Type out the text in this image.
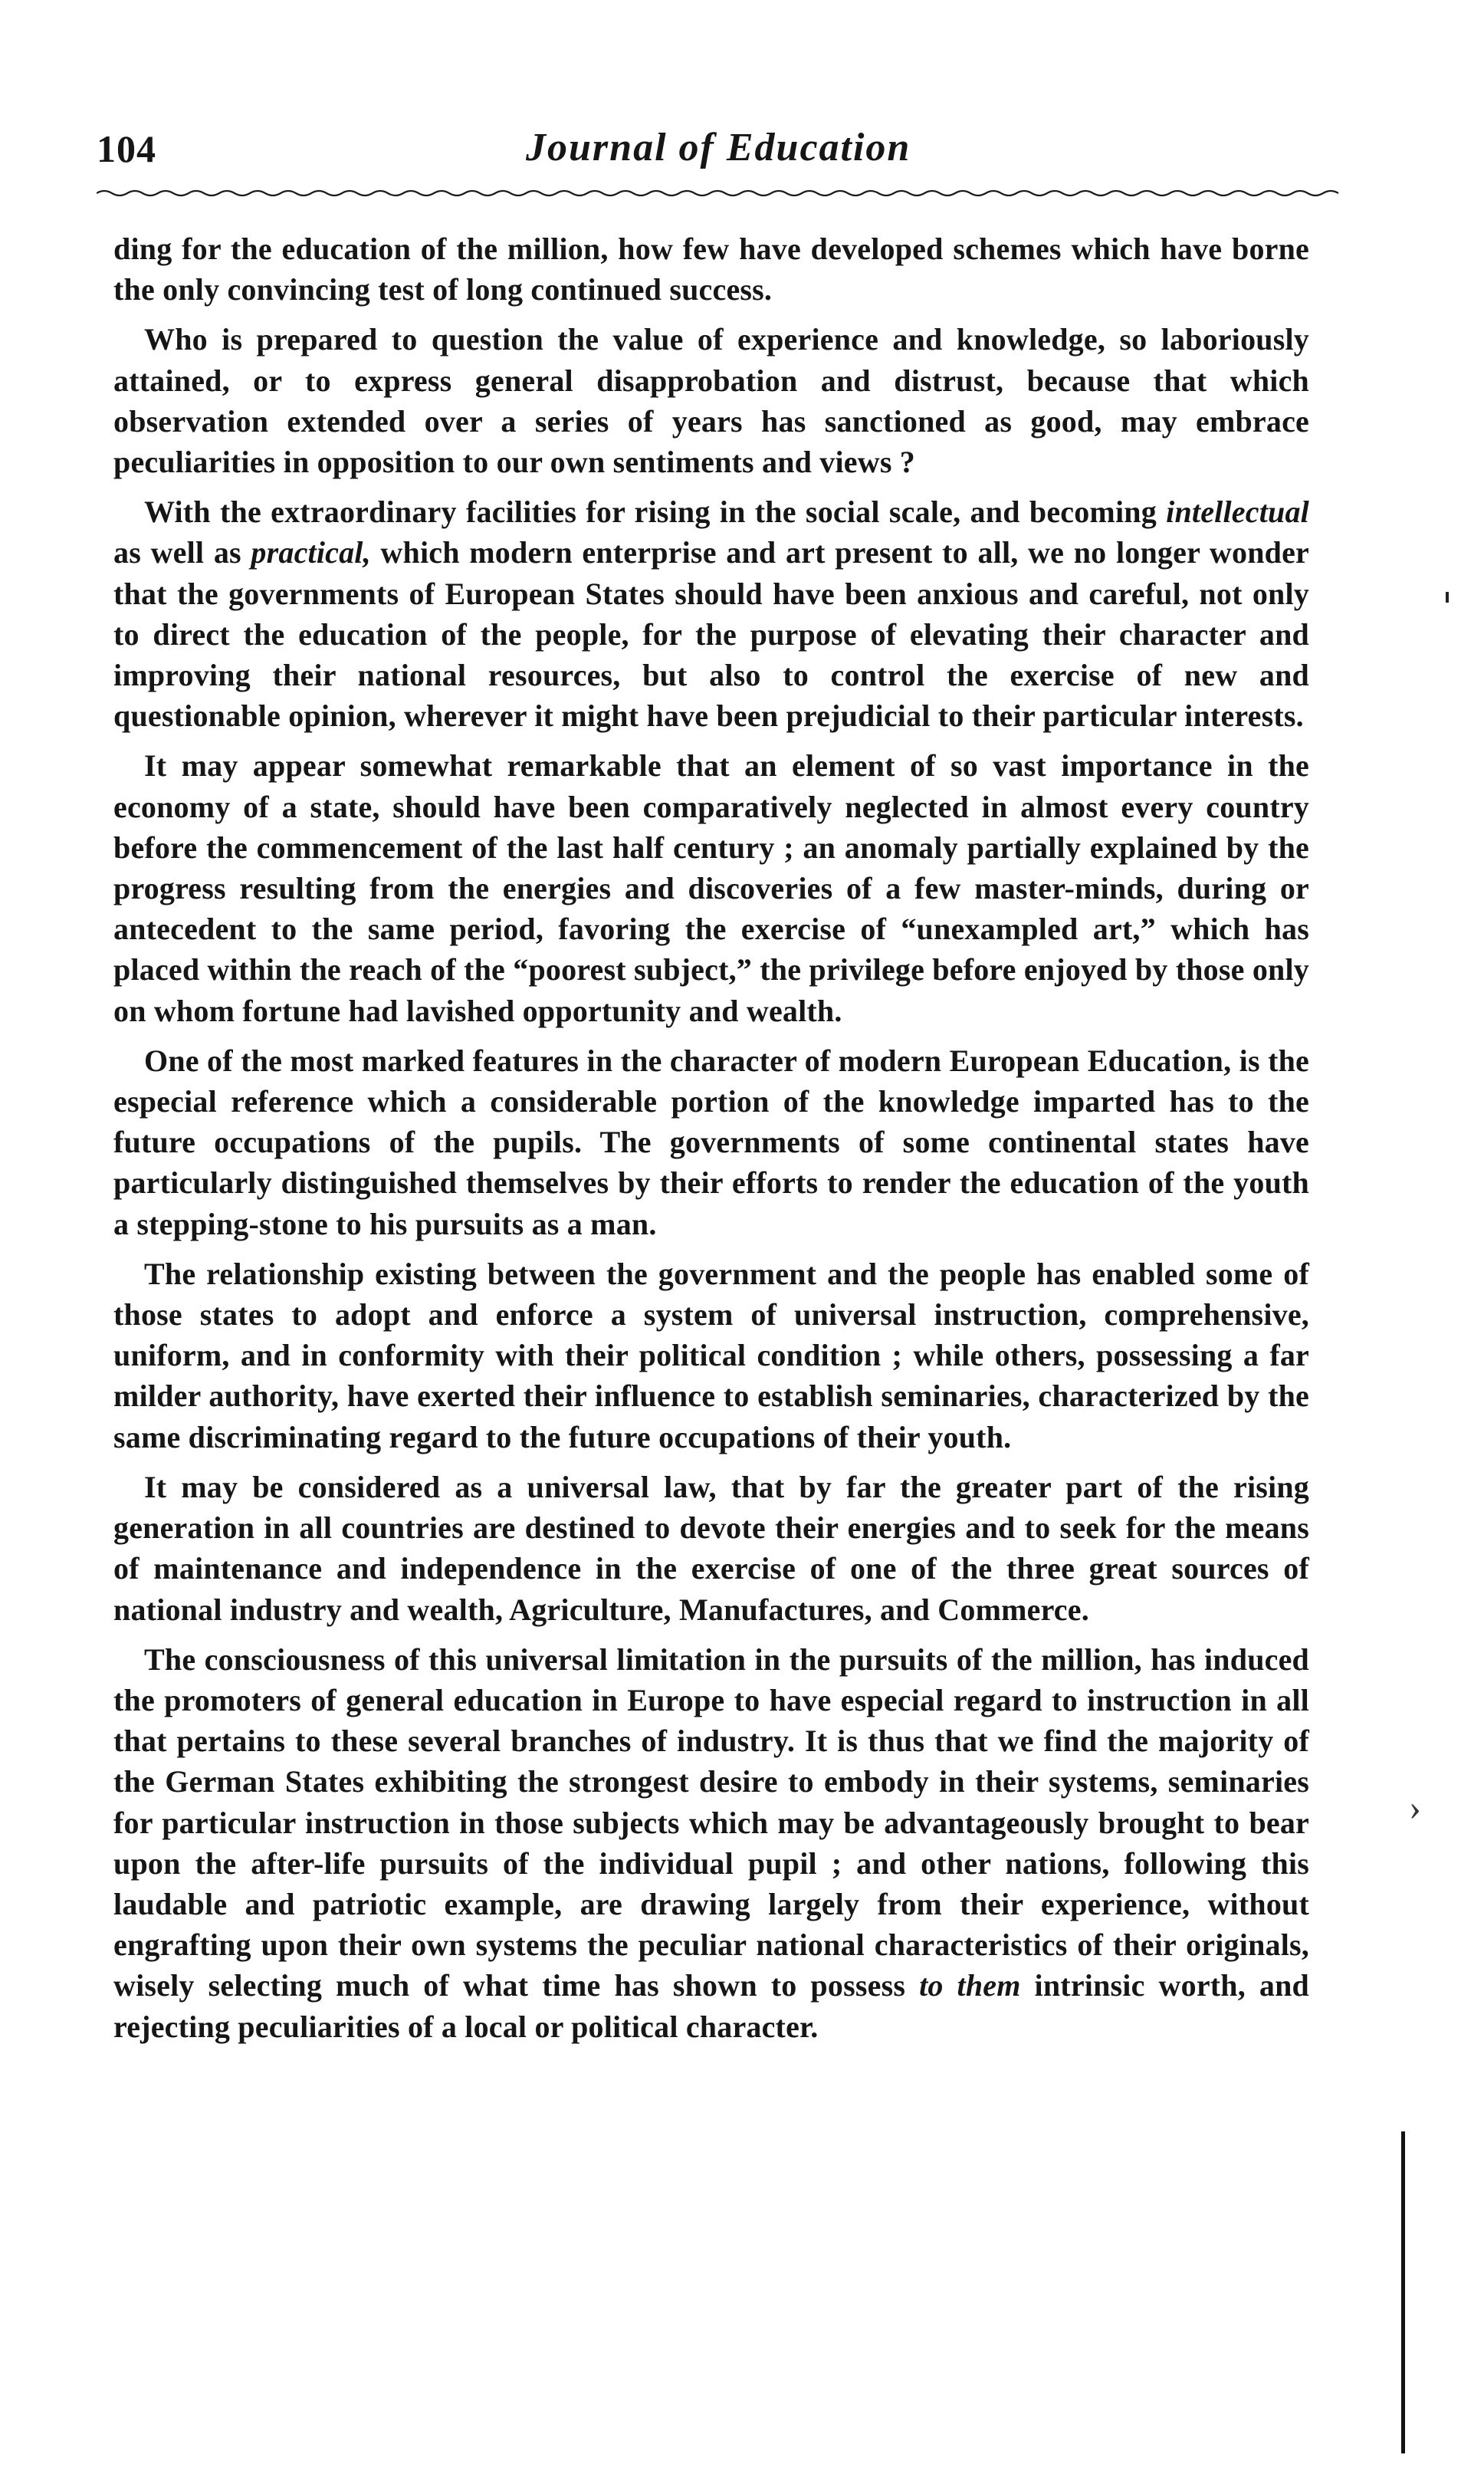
104	Journal of Education

ding for the education of the million, how few have developed schemes which have borne the only convincing test of long continued success.

Who is prepared to question the value of experience and knowledge, so laboriously attained, or to express general disapprobation and distrust, because that which observation extended over a series of years has sanctioned as good, may embrace peculiarities in opposition to our own sentiments and views ?

With the extraordinary facilities for rising in the social scale, and becoming intellectual as well as practical, which modern enterprise and art present to all, we no longer wonder that the governments of European States should have been anxious and careful, not only to direct the education of the people, for the purpose of elevating their character and improving their national resources, but also to control the exercise of new and questionable opinion, wherever it might have been prejudicial to their particular interests.

It may appear somewhat remarkable that an element of so vast importance in the economy of a state, should have been comparatively neglected in almost every country before the commencement of the last half century ; an anomaly partially explained by the progress resulting from the energies and discoveries of a few master-minds, during or antecedent to the same period, favoring the exercise of “unexampled art,” which has placed within the reach of the “poorest subject,” the privilege before enjoyed by those only on whom fortune had lavished opportunity and wealth.

One of the most marked features in the character of modern European Education, is the especial reference which a considerable portion of the knowledge imparted has to the future occupations of the pupils. The governments of some continental states have particularly distinguished themselves by their efforts to render the education of the youth a stepping-stone to his pursuits as a man.

The relationship existing between the government and the people has enabled some of those states to adopt and enforce a system of universal instruction, comprehensive, uniform, and in conformity with their political condition ; while others, possessing a far milder authority, have exerted their influence to establish seminaries, characterized by the same discriminating regard to the future occupations of their youth.

It may be considered as a universal law, that by far the greater part of the rising generation in all countries are destined to devote their energies and to seek for the means of maintenance and independence in the exercise of one of the three great sources of national industry and wealth, Agriculture, Manufactures, and Commerce.

The consciousness of this universal limitation in the pursuits of the million, has induced the promoters of general education in Europe to have especial regard to instruction in all that pertains to these several branches of industry. It is thus that we find the majority of the German States exhibiting the strongest desire to embody in their systems, seminaries for particular instruction in those subjects which may be advantageously brought to bear upon the after-life pursuits of the individual pupil ; and other nations, following this laudable and patriotic example, are drawing largely from their experience, without engrafting upon their own systems the peculiar national characteristics of their originals, wisely selecting much of what time has shown to possess to them intrinsic worth, and rejecting peculiarities of a local or political character.

›
